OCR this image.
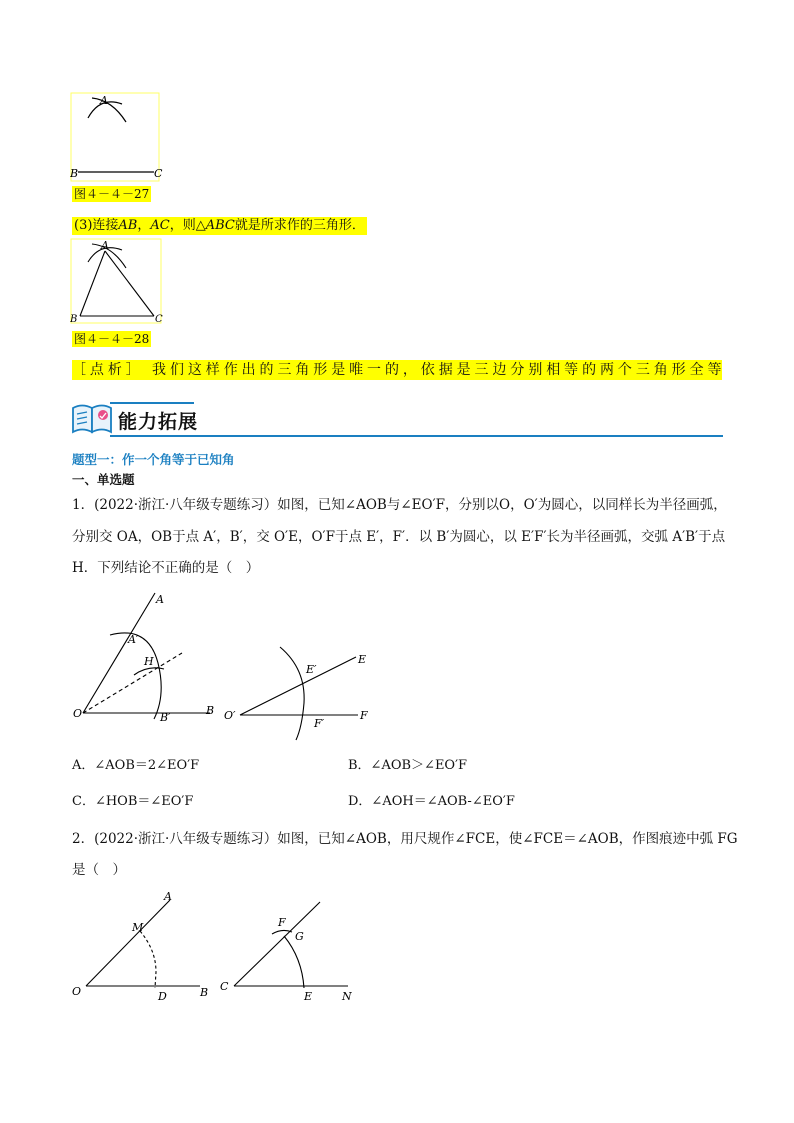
A
B	C
图４－４－27
(3)连接AB，AC，则△ABC就是所求作的三角形．
A
B	C
图４－４－28
［点析］ 我们这样作出的三角形是唯一的，依据是三边分别相等的两个三角形全等
能力拓展
题型一：作一个角等于已知角
一、单选题
1．(2022·浙江·八年级专题练习）如图，已知∠AOB与∠EO′F，分别以O，O′为圆心，以同样长为半径画弧，
分别交 OA，OB于点 A′，B′，交 O′E，O′F于点 E′，F′．以 B′为圆心，以 E′F′长为半径画弧，交弧 A′B′于点
H．下列结论不正确的是（　）
A
A′
H
O	B′
B
E
E′
O′
F′
F
A．∠AOB＝2∠EO′F	B．∠AOB＞∠EO′F
C．∠HOB＝∠EO′F	D．∠AOH＝∠AOB-∠EO′F
2．(2022·浙江·八年级专题练习）如图，已知∠AOB，用尺规作∠FCE，使∠FCE＝∠AOB，作图痕迹中弧 FG
是（　）
A
M
O	D	B
F
G
C
E	N
